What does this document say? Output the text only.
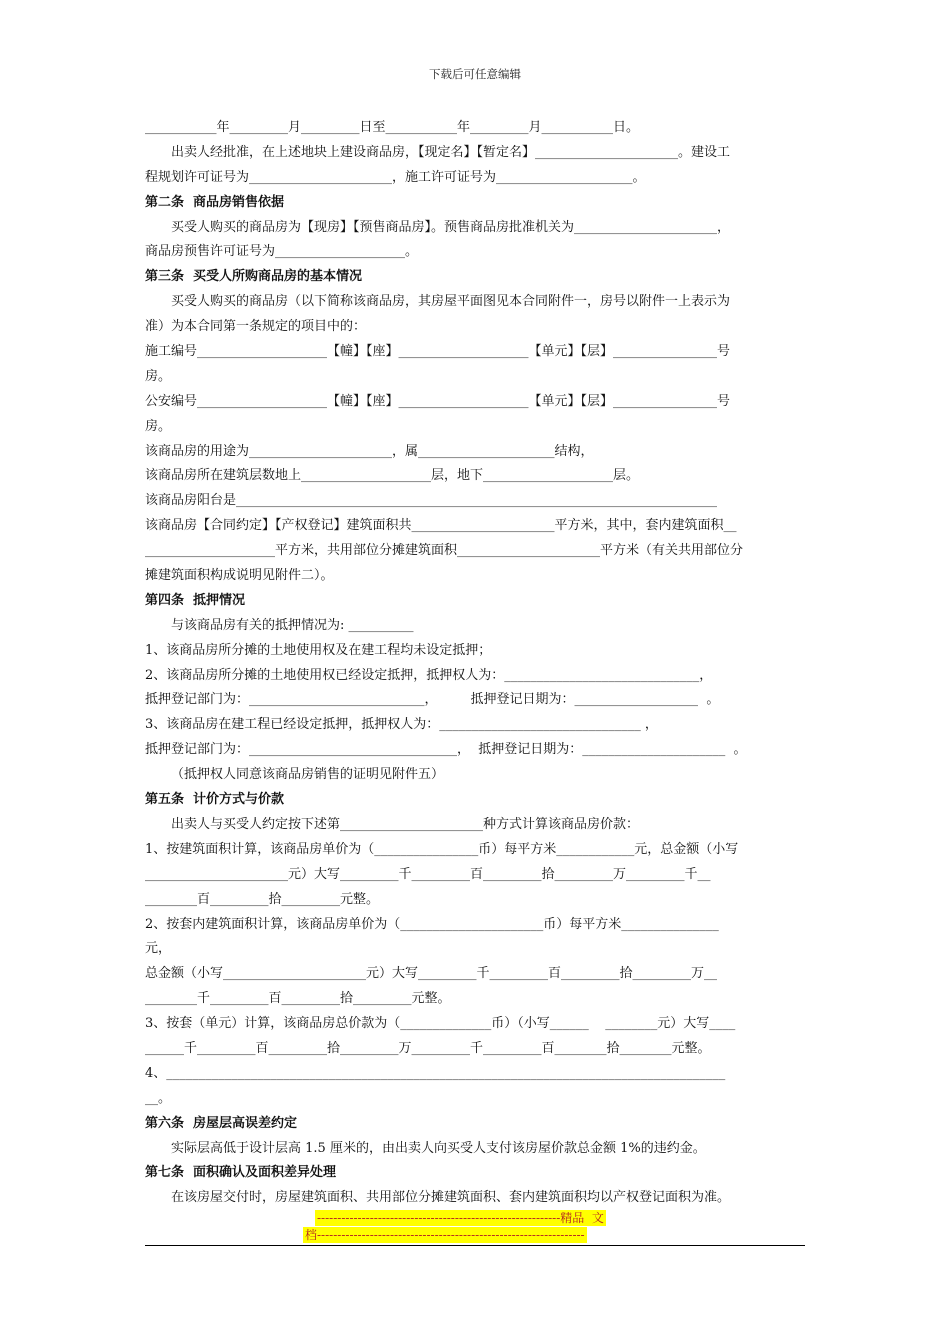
下载后可任意编辑
___________年_________月_________日至___________年_________月___________日。
出卖人经批准，在上述地块上建设商品房，【现定名】【暂定名】______________________。建设工
程规划许可证号为______________________，施工许可证号为_____________________。
第二条  商品房销售依据
买受人购买的商品房为【现房】【预售商品房】。预售商品房批准机关为______________________，
商品房预售许可证号为____________________。
第三条  买受人所购商品房的基本情况
买受人购买的商品房（以下简称该商品房，其房屋平面图见本合同附件一，房号以附件一上表示为
准）为本合同第一条规定的项目中的：
施工编号____________________【幢】【座】____________________【单元】【层】________________号
房。
公安编号____________________【幢】【座】____________________【单元】【层】________________号
房。
该商品房的用途为______________________，属_____________________结构，
该商品房所在建筑层数地上____________________层，地下____________________层。
该商品房阳台是__________________________________________________________________________
该商品房【合同约定】【产权登记】建筑面积共______________________平方米，其中，套内建筑面积__
____________________平方米，共用部位分摊建筑面积______________________平方米（有关共用部位分
摊建筑面积构成说明见附件二）。
第四条  抵押情况
与该商品房有关的抵押情况为: __________
1、该商品房所分摊的土地使用权及在建工程均未设定抵押；
2、该商品房所分摊的土地使用权已经设定抵押，抵押权人为：______________________________，
抵押登记部门为：___________________________，        抵押登记日期为：___________________  。
3、该商品房在建工程已经设定抵押，抵押权人为：_______________________________ ，
抵押登记部门为：________________________________，  抵押登记日期为：______________________  。
（抵押权人同意该商品房销售的证明见附件五）
第五条  计价方式与价款
出卖人与买受人约定按下述第______________________种方式计算该商品房价款：
1、按建筑面积计算，该商品房单价为（________________币）每平方米____________元，总金额（小写
______________________元）大写_________千_________百_________拾_________万_________千__
________百_________拾_________元整。
2、按套内建筑面积计算，该商品房单价为（______________________币）每平方米_______________
元，
总金额（小写______________________元）大写_________千_________百_________拾_________万__
________千_________百_________拾_________元整。
3、按套（单元）计算，该商品房总价款为（______________币）（小写______    ________元）大写____
______千_________百_________拾_________万_________千_________百________拾________元整。
4、______________________________________________________________________________________
__。
第六条  房屋层高误差约定
实际层高低于设计层高 1.5 厘米的，由出卖人向买受人支付该房屋价款总金额 1%的违约金。
第七条  面积确认及面积差异处理
在该房屋交付时，房屋建筑面积、共用部位分摊建筑面积、套内建筑面积均以产权登记面积为准。
------------------------------------------------------------精品  文
档------------------------------------------------------------------
